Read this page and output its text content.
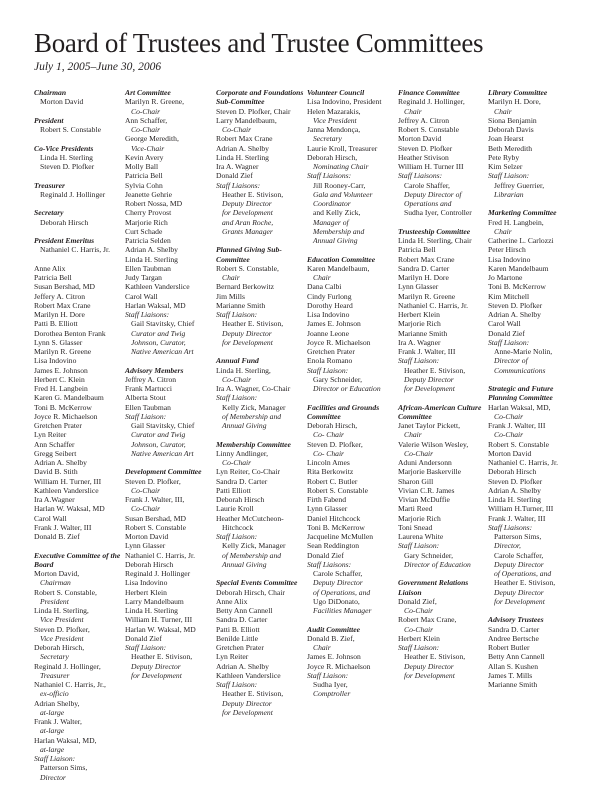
Board of Trustees and Trustee Committees
July 1, 2005–June 30, 2006
Chairman
Morton David
President
Robert S. Constable
Co-Vice Presidents
Linda H. Sterling
Steven D. Plofker
Treasurer
Reginald J. Hollinger
Secretary
Deborah Hirsch
President Emeritus
Nathaniel C. Harris, Jr.
Anne Alix
Patricia Bell
Susan Bershad, MD
Jeffery A. Citron
Robert Max Crane
Marilyn H. Dore
Patti B. Elliott
Dorothea Benton Frank
Lynn S. Glasser
Marilyn R. Greene
Lisa Indovino
James E. Johnson
Herbert C. Klein
Fred H. Langbein
Karen G. Mandelbaum
Toni B. McKerrow
Joyce R. Michaelson
Gretchen Prater
Lyn Reiter
Ann Schaffer
Gregg Seibert
Adrian A. Shelby
David B. Stith
William H. Turner, III
Kathleen Vanderslice
Ira A.Wagner
Harlan W. Waksal, MD
Carol Wall
Frank J. Walter, III
Donald B. Zief
Executive Committee of the Board
Morton David,
Chairman
Robert S. Constable,
President
Linda H. Sterling,
Vice President
Steven D. Plofker,
Vice President
Deborah Hirsch,
Secretary
Reginald J. Hollinger,
Treasurer
Nathaniel C. Harris, Jr.,
ex-officio
Adrian Shelby,
at-large
Frank J. Walter,
at-large
Harlan Waksal, MD,
at-large
Staff Liaison:
Patterson Sims,
Director
Art Committee
Marilyn R. Greene,
Co-Chair
Ann Schaffer,
Co-Chair
George Meredith,
Vice-Chair
Kevin Avery
Molly Ball
Patricia Bell
Sylvia Cohn
Jeanette Gehrie
Robert Nossa, MD
Cherry Provost
Marjorie Rich
Curt Schade
Patricia Selden
Adrian A. Shelby
Linda H. Sterling
Ellen Taubman
Judy Targan
Kathleen Vanderslice
Carol Wall
Harlan Waksal, MD
Staff Liaisons:
Gail Stavitsky, Chief
Curator and Twig
Johnson, Curator,
Native American Art
Advisory Members
Jeffrey A. Citron
Frank Martucci
Alberta Stout
Ellen Taubman
Staff Liaison:
Gail Stavitsky, Chief
Curator and Twig
Johnson, Curator,
Native American Art
Development Committee
Steven D. Plofker,
Co-Chair
Frank J. Walter, III,
Co-Chair
Susan Bershad, MD
Robert S. Constable
Morton David
Lynn Glasser
Nathaniel C. Harris, Jr.
Deborah Hirsch
Reginald J. Hollinger
Lisa Indovino
Herbert Klein
Larry Mandelbaum
Linda H. Sterling
William H. Turner, III
Harlan W. Waksal, MD
Donald Zief
Staff Liaison:
Heather E. Stivison,
Deputy Director
for Development
Corporate and Foundations Sub-Committee
Steven D. Plofker, Chair
Larry Mandelbaum,
Co-Chair
Robert Max Crane
Adrian A. Shelby
Linda H. Sterling
Ira A. Wagner
Donald Zief
Staff Liaisons:
Heather E. Stivison,
Deputy Director
for Development
and Aran Roche,
Grants Manager
Planned Giving Sub-Committee
Robert S. Constable,
Chair
Bernard Berkowitz
Jim Mills
Marianne Smith
Staff Liaison:
Heather E. Stivison,
Deputy Director
for Development
Annual Fund
Linda H. Sterling,
Co-Chair
Ira A. Wagner, Co-Chair
Staff Liaison:
Kelly Zick, Manager
of Membership and
Annual Giving
Membership Committee
Linny Andlinger,
Co-Chair
Lyn Reiter, Co-Chair
Sandra D. Carter
Patti Elliott
Deborah Hirsch
Laurie Kroll
Heather McCutcheon-
Hitchcock
Staff Liaison:
Kelly Zick, Manager
of Membership and
Annual Giving
Special Events Committee
Deborah Hirsch, Chair
Anne Alix
Betty Ann Cannell
Sandra D. Carter
Patti B. Elliott
Benilde Little
Gretchen Prater
Lyn Reiter
Adrian A. Shelby
Kathleen Vanderslice
Staff Liaison:
Heather E. Stivison,
Deputy Director
for Development
Volunteer Council
Lisa Indovino, President
Helen Mazarakis,
Vice President
Janna Mendonça,
Secretary
Laurie Kroll, Treasurer
Deborah Hirsch,
Nominating Chair
Staff Liaisons:
Jill Rooney-Carr,
Gala and Volunteer
Coordinator
and Kelly Zick,
Manager of
Membership and
Annual Giving
Education Committee
Karen Mandelbaum,
Chair
Dana Calbi
Cindy Furlong
Dorothy Heard
Lisa Indovino
James E. Johnson
Joanne Leone
Joyce R. Michaelson
Gretchen Prater
Enola Romano
Staff Liaison:
Gary Schneider,
Director or Education
Facilities and Grounds Committee
Deborah Hirsch,
Co- Chair
Steven D. Plofker,
Co- Chair
Lincoln Ames
Rita Berkowitz
Robert C. Butler
Robert S. Constable
Firth Fabend
Lynn Glasser
Daniel Hitchcock
Toni B. McKerrow
Jacqueline McMullen
Sean Reddington
Donald Zief
Staff Liaisons:
Carole Schaffer,
Deputy Director
of Operations, and
Ugo DiDonato,
Facilities Manager
Audit Committee
Donald B. Zief,
Chair
James E. Johnson
Joyce R. Michaelson
Staff Liaison:
Sudha Iyer,
Comptroller
Finance Committee
Reginald J. Hollinger,
Chair
Jeffrey A. Citron
Robert S. Constable
Morton David
Steven D. Plofker
Heather Stivison
William H. Turner III
Staff Liaisons:
Carole Shaffer,
Deputy Director of
Operations and
Sudha Iyer, Controller
Trusteeship Committee
Linda H. Sterling, Chair
Patricia Bell
Robert Max Crane
Sandra D. Carter
Marilyn H. Dore
Lynn Glasser
Marilyn R. Greene
Nathaniel C. Harris, Jr.
Herbert Klein
Marjorie Rich
Marianne Smith
Ira A. Wagner
Frank J. Walter, III
Staff Liaison:
Heather E. Stivison,
Deputy Director
for Development
African-American Culture Committee
Janet Taylor Pickett,
Chair
Valerie Wilson Wesley,
Co-Chair
Aduni Andersonn
Marjorie Baskerville
Sharon Gill
Vivian C.R. James
Vivian McDuffie
Marti Reed
Marjorie Rich
Toni Snead
Laurena White
Staff Liaison:
Gary Schneider,
Director of Education
Government Relations Liaison
Donald Zief,
Co-Chair
Robert Max Crane,
Co-Chair
Herbert Klein
Staff Liaison:
Heather E. Stivison,
Deputy Director
for Development
Library Committee
Marilyn H. Dore,
Chair
Siona Benjamin
Deborah Davis
Joan Hearst
Beth Meredith
Pete Ryby
Kim Selzer
Staff Liaison:
Jeffrey Guerrier,
Librarian
Marketing Committee
Fred H. Langbein,
Chair
Catherine L. Carlozzi
Peter Hirsch
Lisa Indovino
Karen Mandelbaum
Jo Martone
Toni B. McKerrow
Kim Mitchell
Steven D. Plofker
Adrian A. Shelby
Carol Wall
Donald Zief
Staff Liaison:
Anne-Marie Nolin,
Director of
Communications
Strategic and Future Planning Committee
Harlan Waksal, MD,
Co-Chair
Frank J. Walter, III
Co-Chair
Robert S. Constable
Morton David
Nathaniel C. Harris, Jr.
Deborah Hirsch
Steven D. Plofker
Adrian A. Shelby
Linda H. Sterling
William H.Turner, III
Frank J. Walter, III
Staff Liaisons:
Patterson Sims,
Director,
Carole Schaffer,
Deputy Director
of Operations, and
Heather E. Stivison,
Deputy Director
for Development
Advisory Trustees
Sandra D. Carter
Andree Bertsche
Robert Butler
Betty Ann Cannell
Allan S. Kushen
James T. Mills
Marianne Smith
